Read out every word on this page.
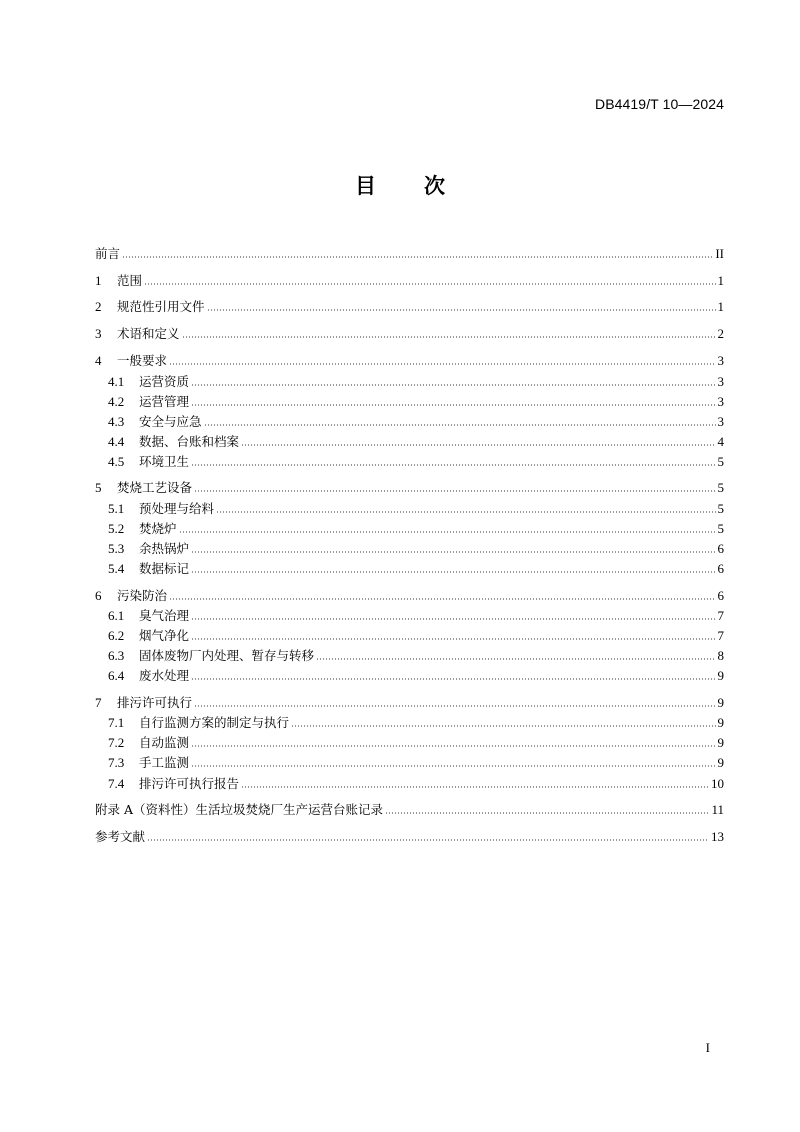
DB4419/T 10—2024
目 次
前言	II
1	范围	1
2	规范性引用文件	1
3	术语和定义	2
4	一般要求	3
4.1	运营资质	3
4.2	运营管理	3
4.3	安全与应急	3
4.4	数据、台账和档案	4
4.5	环境卫生	5
5	焚烧工艺设备	5
5.1	预处理与给料	5
5.2	焚烧炉	5
5.3	余热锅炉	6
5.4	数据标记	6
6	污染防治	6
6.1	臭气治理	7
6.2	烟气净化	7
6.3	固体废物厂内处理、暂存与转移	8
6.4	废水处理	9
7	排污许可执行	9
7.1	自行监测方案的制定与执行	9
7.2	自动监测	9
7.3	手工监测	9
7.4	排污许可执行报告	10
附录 A（资料性）生活垃圾焚烧厂生产运营台账记录	11
参考文献	13
I
